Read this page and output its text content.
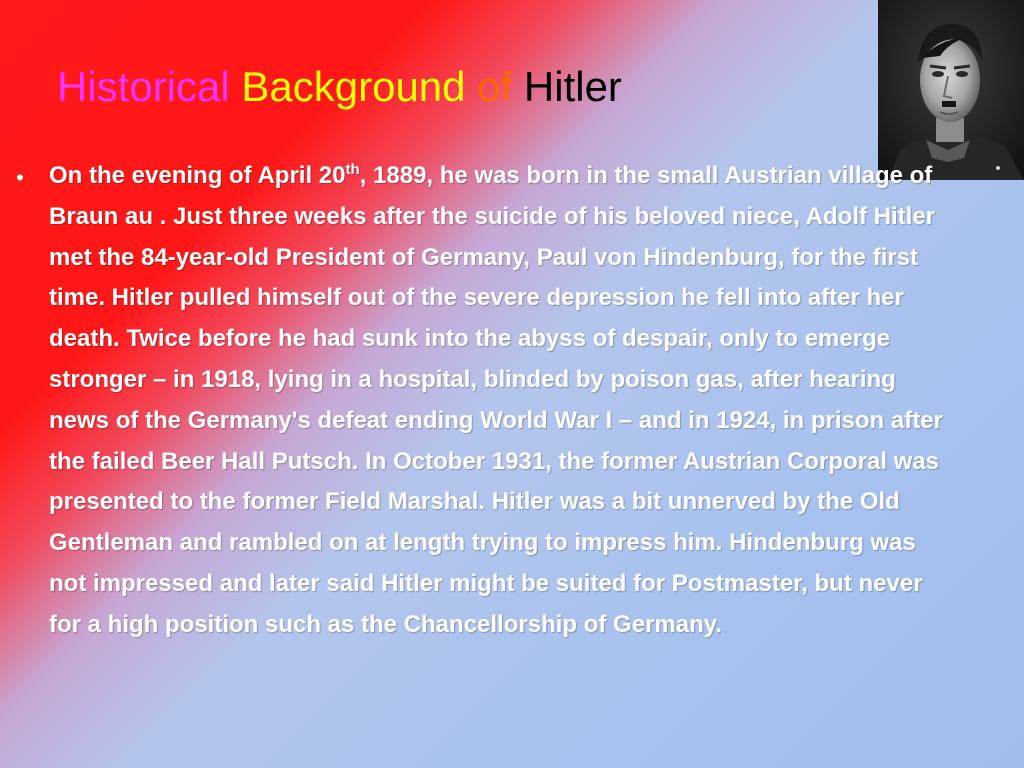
Historical Background of Hitler
• On the evening of April 20th, 1889, he was born in the small Austrian village of Braun au . Just three weeks after the suicide of his beloved niece, Adolf Hitler met the 84-year-old President of Germany, Paul von Hindenburg, for the first time. Hitler pulled himself out of the severe depression he fell into after her death. Twice before he had sunk into the abyss of despair, only to emerge stronger – in 1918, lying in a hospital, blinded by poison gas, after hearing news of the Germany's defeat ending World War I – and in 1924, in prison after the failed Beer Hall Putsch. In October 1931, the former Austrian Corporal was presented to the former Field Marshal. Hitler was a bit unnerved by the Old Gentleman and rambled on at length trying to impress him. Hindenburg was not impressed and later said Hitler might be suited for Postmaster, but never for a high position such as the Chancellorship of Germany.
